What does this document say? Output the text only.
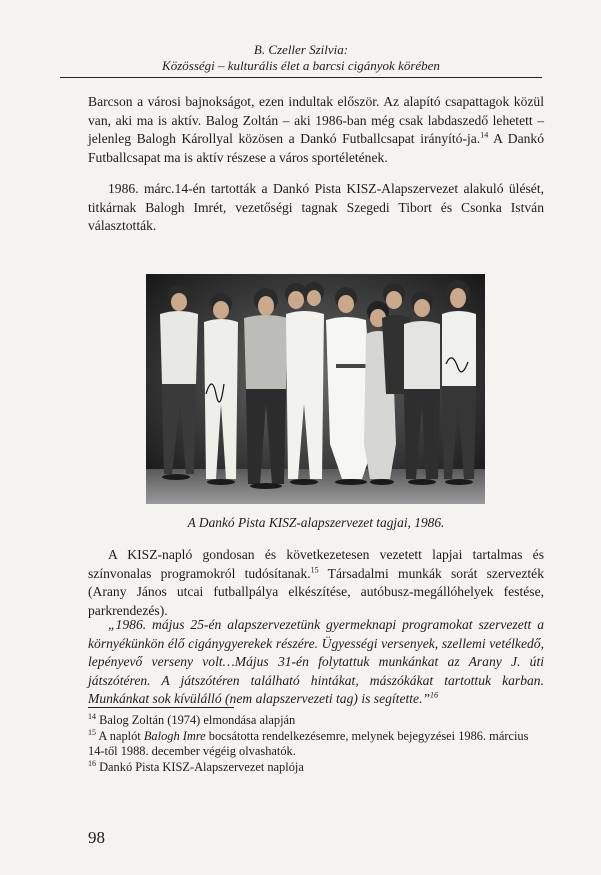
B. Czeller Szilvia:
Közösségi – kulturális élet a barcsi cigányok körében

Barcson a városi bajnokságot, ezen indultak először. Az alapító csapattagok közül van, aki ma is aktív. Balog Zoltán – aki 1986-ban még csak labdaszedő lehetett – jelenleg Balogh Károllyal közösen a Dankó Futballcsapat irányító-ja.$^{14}$ A Dankó Futballcsapat ma is aktív részese a város sportéletének.

1986. márc.14-én tartották a Dankó Pista KISZ-Alapszervezet alakuló ülését, titkárnak Balogh Imrét, vezetőségi tagnak Szegedi Tibort és Csonka István választották.

A Dankó Pista KISZ-alapszervezet tagjai, 1986.

A KISZ-napló gondosan és következetesen vezetett lapjai tartalmas és színvonalas programokról tudósítanak.$^{15}$ Társadalmi munkák sorát szervezték (Arany János utcai futballpálya elkészítése, autóbusz-megállóhelyek festése, parkrendezés).

„1986. május 25-én alapszervezetünk gyermeknapi programokat szervezett a környékünkön élő cigánygyerekek részére. Ügyességi versenyek, szellemi vetélkedő, lepényevő verseny volt…Május 31-én folytattuk munkánkat az Arany J. úti játszótéren. A játszótéren található hintákat, mászókákat tartottuk karban. Munkánkat sok kívülálló (nem alapszervezeti tag) is segítette.”$^{16}$

$^{14}$ Balog Zoltán (1974) elmondása alapján

$^{15}$ A naplót Balogh Imre bocsátotta rendelkezésemre, melynek bejegyzései 1986. március 14-től 1988. december végéig olvashatók.

$^{16}$ Dankó Pista KISZ-Alapszervezet naplója

98
